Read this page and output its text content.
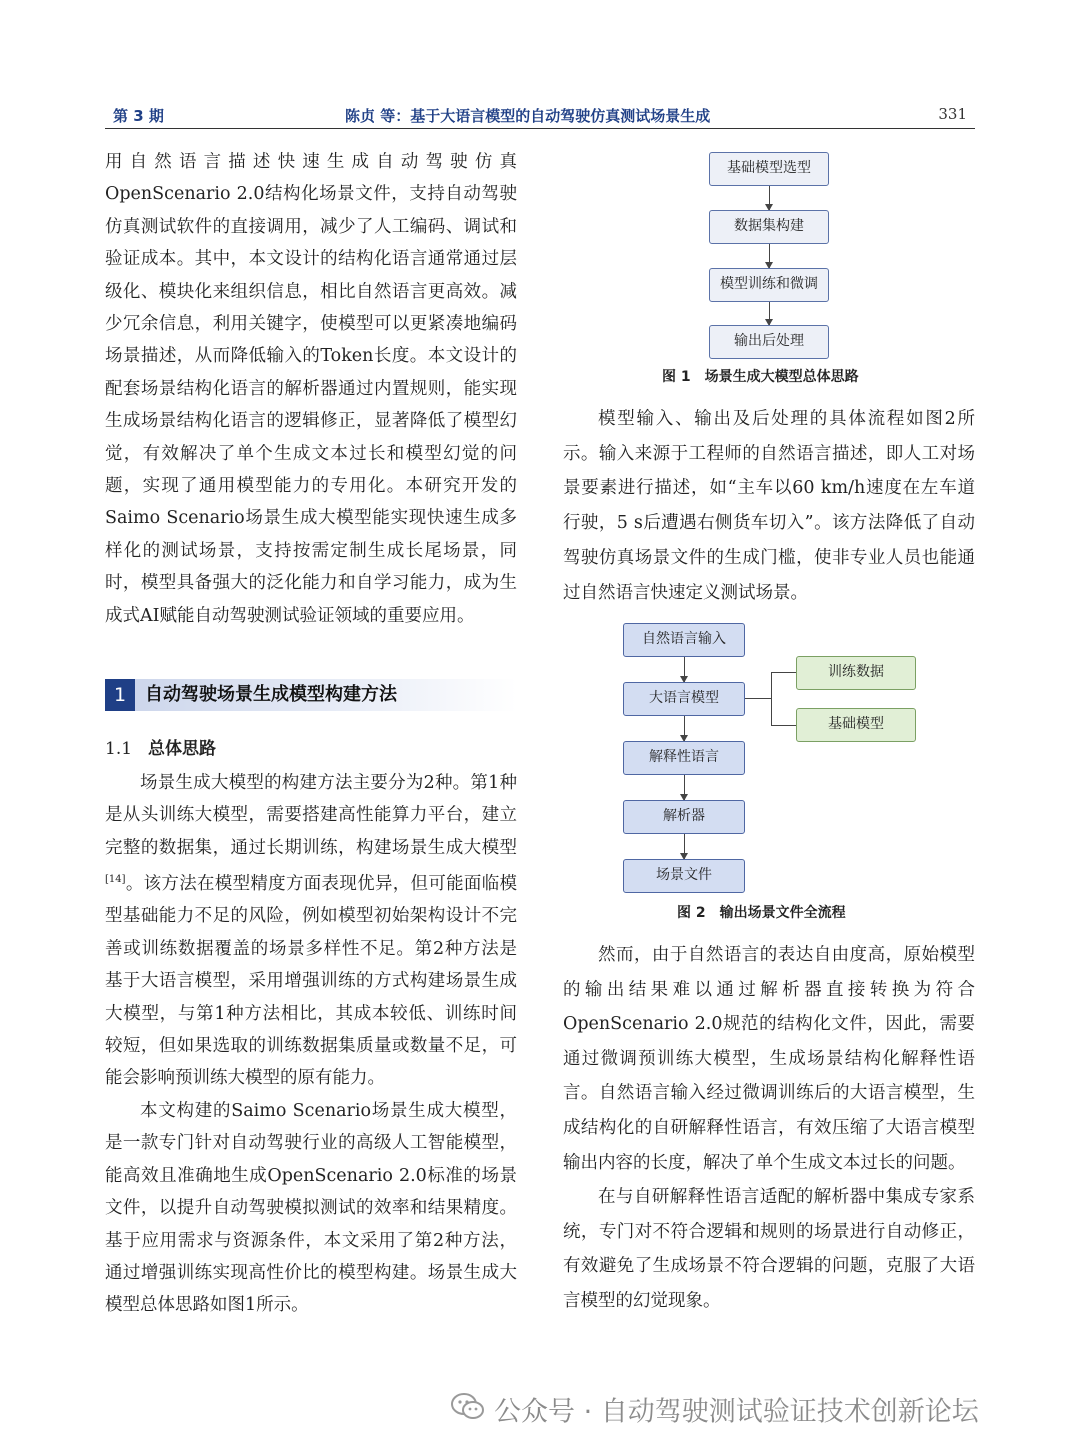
第 3 期	陈贞 等：基于大语言模型的自动驾驶仿真测试场景生成	331

用自然语言描述快速生成自动驾驶仿真OpenScenario 2.0结构化场景文件，支持自动驾驶仿真测试软件的直接调用，减少了人工编码、调试和验证成本。其中，本文设计的结构化语言通常通过层级化、模块化来组织信息，相比自然语言更高效。减少冗余信息，利用关键字，使模型可以更紧凑地编码场景描述，从而降低输入的Token长度。本文设计的配套场景结构化语言的解析器通过内置规则，能实现生成场景结构化语言的逻辑修正，显著降低了模型幻觉，有效解决了单个生成文本过长和模型幻觉的问题，实现了通用模型能力的专用化。本研究开发的Saimo Scenario场景生成大模型能实现快速生成多样化的测试场景，支持按需定制生成长尾场景，同时，模型具备强大的泛化能力和自学习能力，成为生成式AI赋能自动驾驶测试验证领域的重要应用。

1	自动驾驶场景生成模型构建方法
1.1 总体思路

场景生成大模型的构建方法主要分为2种。第1种是从头训练大模型，需要搭建高性能算力平台，建立完整的数据集，通过长期训练，构建场景生成大模型[14]。该方法在模型精度方面表现优异，但可能面临模型基础能力不足的风险，例如模型初始架构设计不完善或训练数据覆盖的场景多样性不足。第2种方法是基于大语言模型，采用增强训练的方式构建场景生成大模型，与第1种方法相比，其成本较低、训练时间较短，但如果选取的训练数据集质量或数量不足，可能会影响预训练大模型的原有能力。

本文构建的Saimo Scenario场景生成大模型，是一款专门针对自动驾驶行业的高级人工智能模型，能高效且准确地生成OpenScenario 2.0标准的场景文件，以提升自动驾驶模拟测试的效率和结果精度。基于应用需求与资源条件，本文采用了第2种方法，通过增强训练实现高性价比的模型构建。场景生成大模型总体思路如图1所示。

基础模型选型
数据集构建
模型训练和微调
输出后处理
图 1 场景生成大模型总体思路

模型输入、输出及后处理的具体流程如图2所示。输入来源于工程师的自然语言描述，即人工对场景要素进行描述，如“主车以60 km/h速度在左车道行驶，5 s后遭遇右侧货车切入”。该方法降低了自动驾驶仿真场景文件的生成门槛，使非专业人员也能通过自然语言快速定义测试场景。

自然语言输入
大语言模型
解释性语言
解析器
场景文件
训练数据
基础模型
图 2 输出场景文件全流程

然而，由于自然语言的表达自由度高，原始模型的输出结果难以通过解析器直接转换为符合OpenScenario 2.0规范的结构化文件，因此，需要通过微调预训练大模型，生成场景结构化解释性语言。自然语言输入经过微调训练后的大语言模型，生成结构化的自研解释性语言，有效压缩了大语言模型输出内容的长度，解决了单个生成文本过长的问题。

在与自研解释性语言适配的解析器中集成专家系统，专门对不符合逻辑和规则的场景进行自动修正，有效避免了生成场景不符合逻辑的问题，克服了大语言模型的幻觉现象。

公众号 · 自动驾驶测试验证技术创新论坛
